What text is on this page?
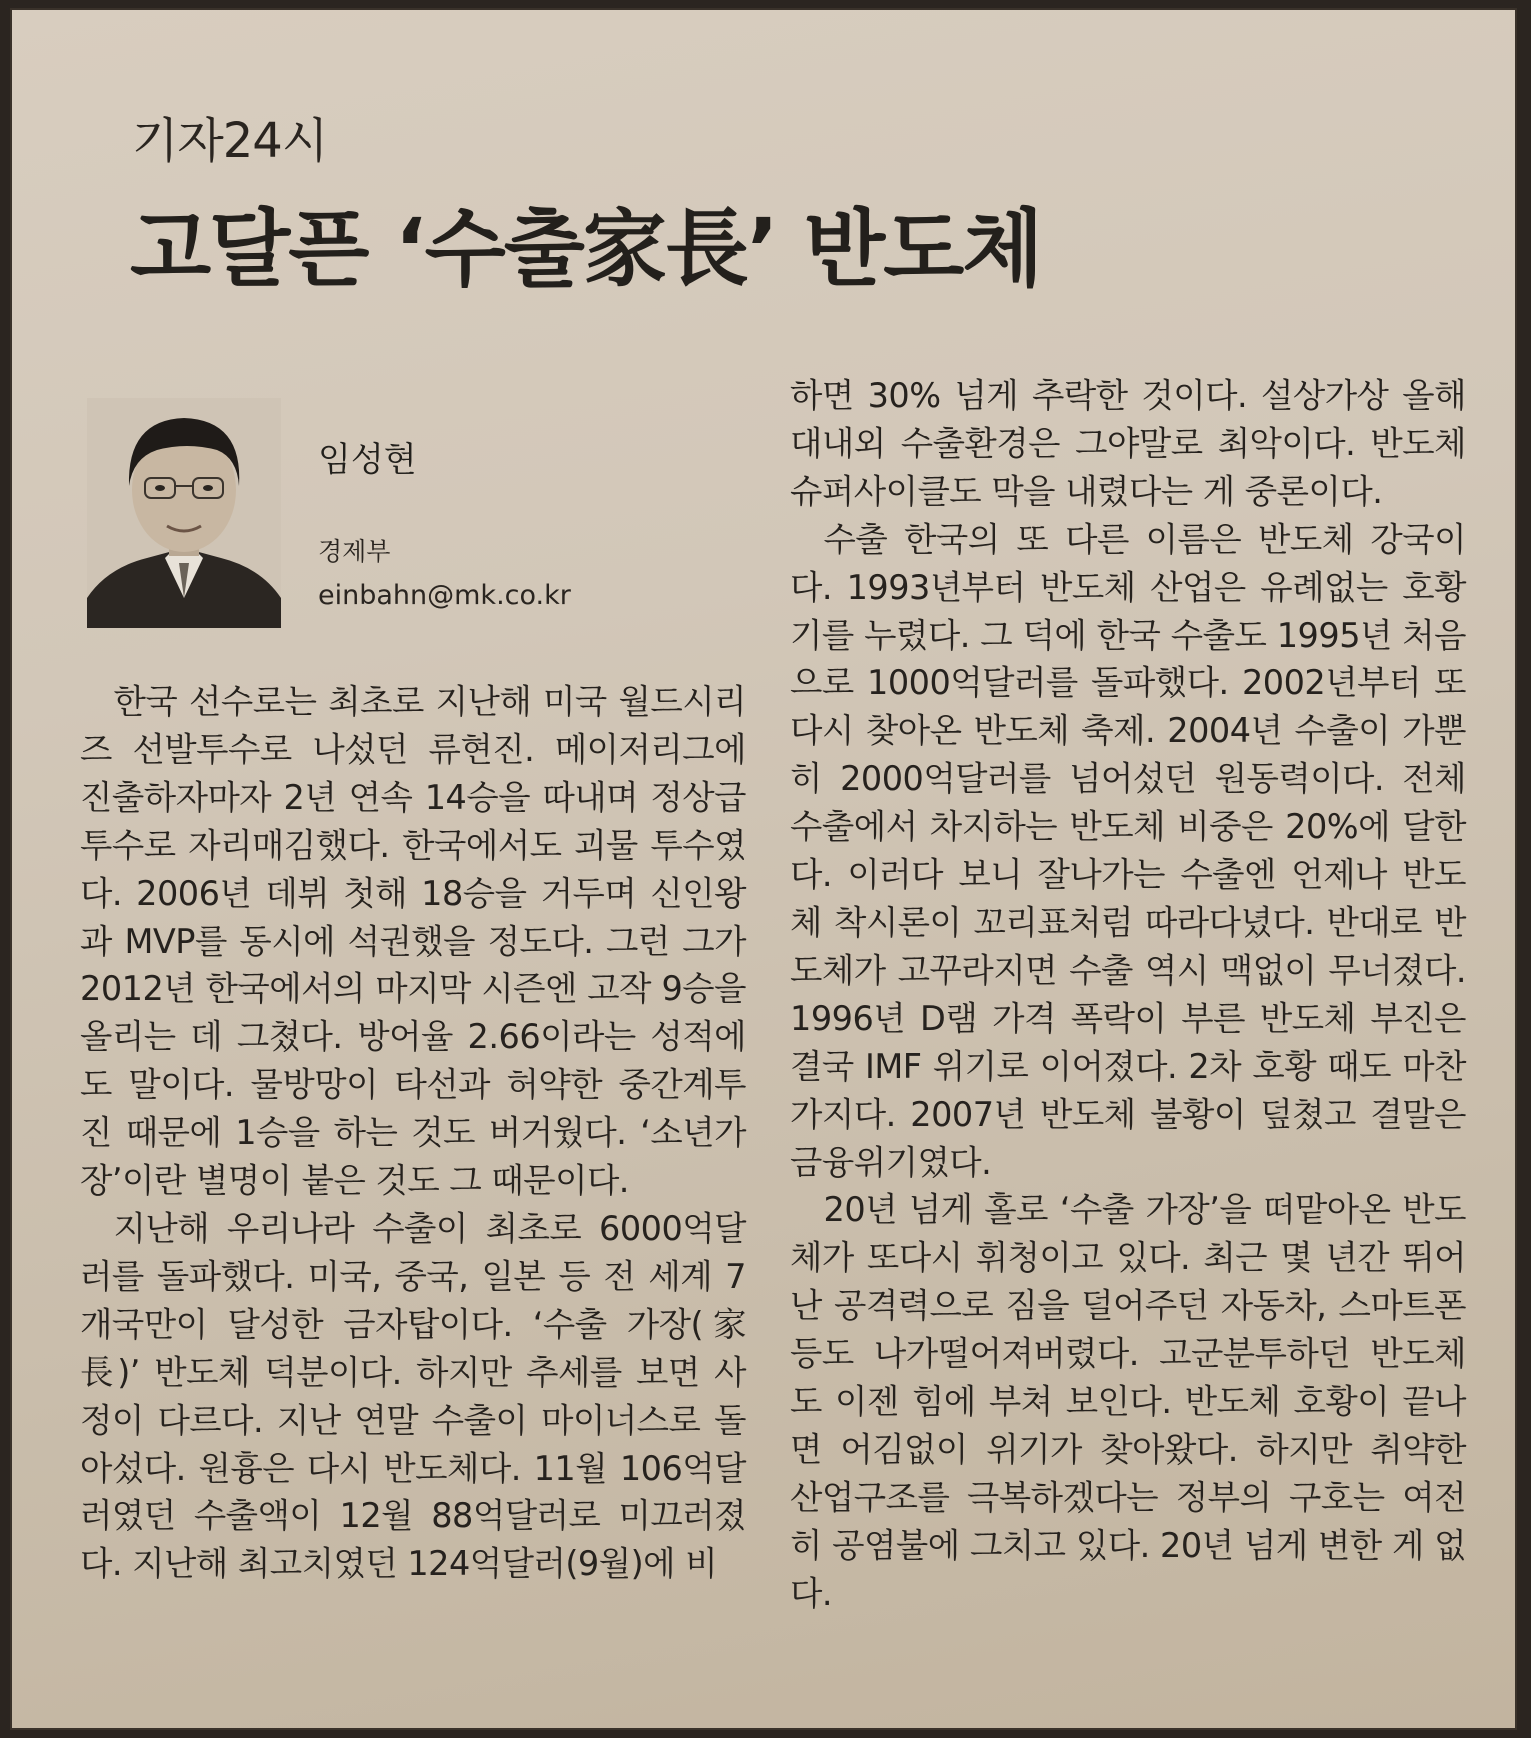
기자24시
고달픈 ‘수출家長’ 반도체
임성현
경제부
einbahn@mk.co.kr

한국 선수로는 최초로 지난해 미국 월드시리즈 선발투수로 나섰던 류현진. 메이저리그에 진출하자마자 2년 연속 14승을 따내며 정상급 투수로 자리매김했다. 한국에서도 괴물 투수였다. 2006년 데뷔 첫해 18승을 거두며 신인왕과 MVP를 동시에 석권했을 정도다. 그런 그가 2012년 한국에서의 마지막 시즌엔 고작 9승을 올리는 데 그쳤다. 방어율 2.66이라는 성적에도 말이다. 물방망이 타선과 허약한 중간계투진 때문에 1승을 하는 것도 버거웠다. ‘소년가장’이란 별명이 붙은 것도 그 때문이다.

지난해 우리나라 수출이 최초로 6000억달러를 돌파했다. 미국, 중국, 일본 등 전 세계 7개국만이 달성한 금자탑이다. ‘수출 가장(家長)’ 반도체 덕분이다. 하지만 추세를 보면 사정이 다르다. 지난 연말 수출이 마이너스로 돌아섰다. 원흉은 다시 반도체다. 11월 106억달러였던 수출액이 12월 88억달러로 미끄러졌다. 지난해 최고치였던 124억달러(9월)에 비

하면 30% 넘게 추락한 것이다. 설상가상 올해 대내외 수출환경은 그야말로 최악이다. 반도체 슈퍼사이클도 막을 내렸다는 게 중론이다.

수출 한국의 또 다른 이름은 반도체 강국이다. 1993년부터 반도체 산업은 유례없는 호황기를 누렸다. 그 덕에 한국 수출도 1995년 처음으로 1000억달러를 돌파했다. 2002년부터 또다시 찾아온 반도체 축제. 2004년 수출이 가뿐히 2000억달러를 넘어섰던 원동력이다. 전체 수출에서 차지하는 반도체 비중은 20%에 달한다. 이러다 보니 잘나가는 수출엔 언제나 반도체 착시론이 꼬리표처럼 따라다녔다. 반대로 반도체가 고꾸라지면 수출 역시 맥없이 무너졌다. 1996년 D램 가격 폭락이 부른 반도체 부진은 결국 IMF 위기로 이어졌다. 2차 호황 때도 마찬가지다. 2007년 반도체 불황이 덮쳤고 결말은 금융위기였다.

20년 넘게 홀로 ‘수출 가장’을 떠맡아온 반도체가 또다시 휘청이고 있다. 최근 몇 년간 뛰어난 공격력으로 짐을 덜어주던 자동차, 스마트폰 등도 나가떨어져버렸다. 고군분투하던 반도체도 이젠 힘에 부쳐 보인다. 반도체 호황이 끝나면 어김없이 위기가 찾아왔다. 하지만 취약한 산업구조를 극복하겠다는 정부의 구호는 여전히 공염불에 그치고 있다. 20년 넘게 변한 게 없다.
